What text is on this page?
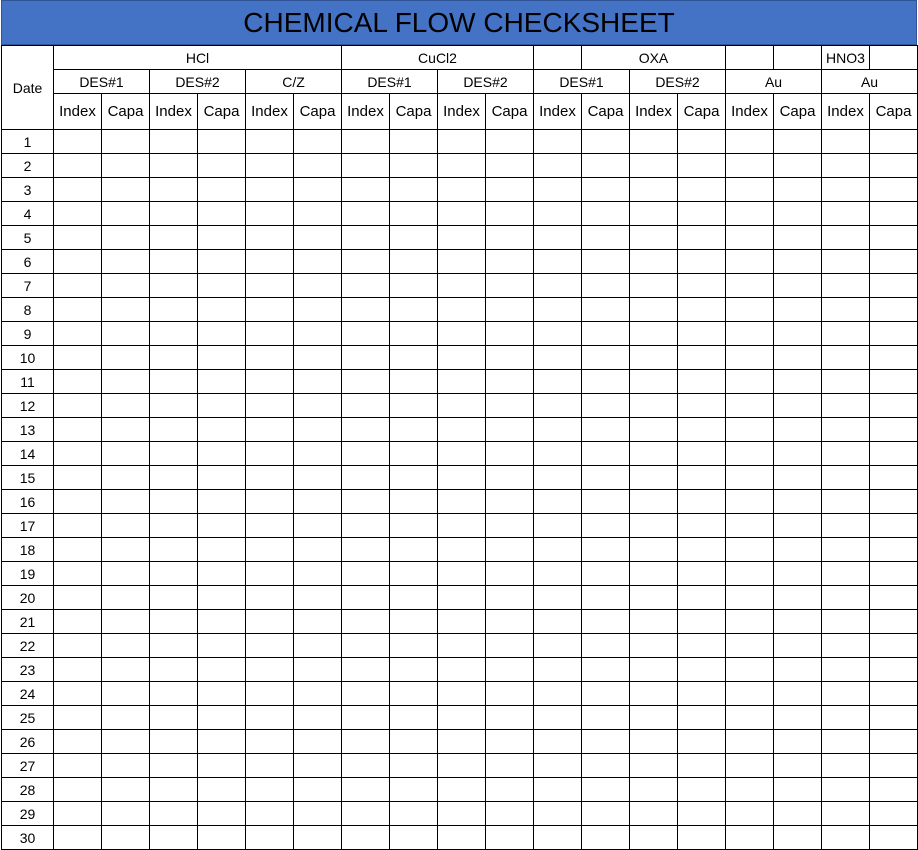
CHEMICAL FLOW CHECKSHEET
Date	HCl						CuCl2					OXA					HNO3	
	DES#1		DES#2		C/Z		DES#1		DES#2		DES#1		DES#2		Au		Au	
	Index	Capa	Index	Capa	Index	Capa	Index	Capa	Index	Capa	Index	Capa	Index	Capa	Index	Capa	Index	Capa
1																		
2																		
3																		
4																		
5																		
6																		
7																		
8																		
9																		
10																		
11																		
12																		
13																		
14																		
15																		
16																		
17																		
18																		
19																		
20																		
21																		
22																		
23																		
24																		
25																		
26																		
27																		
28																		
29																		
30																		
